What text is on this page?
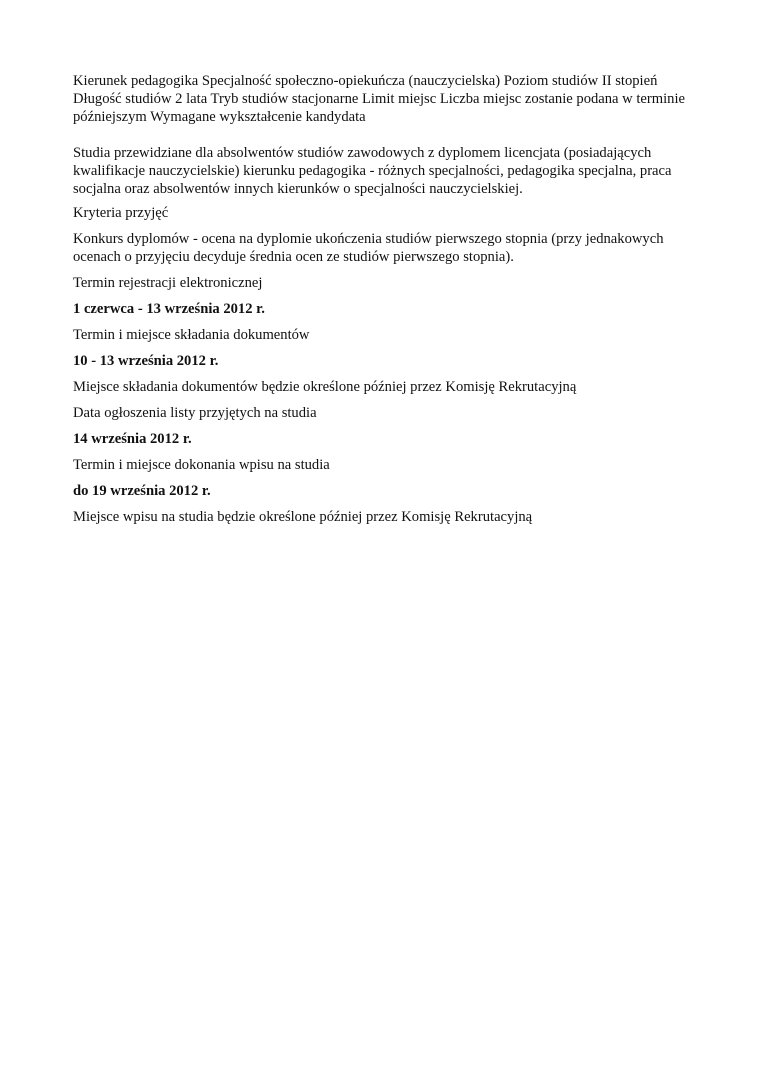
Kierunek pedagogika Specjalność społeczno-opiekuńcza (nauczycielska) Poziom studiów II stopień Długość studiów 2 lata Tryb studiów stacjonarne Limit miejsc Liczba miejsc zostanie podana w terminie późniejszym Wymagane wykształcenie kandydata

Studia przewidziane dla absolwentów studiów zawodowych z dyplomem licencjata (posiadających kwalifikacje nauczycielskie) kierunku pedagogika - różnych specjalności, pedagogika specjalna, praca socjalna oraz absolwentów innych kierunków o specjalności nauczycielskiej.

Kryteria przyjęć

Konkurs dyplomów - ocena na dyplomie ukończenia studiów pierwszego stopnia (przy jednakowych ocenach o przyjęciu decyduje średnia ocen ze studiów pierwszego stopnia).

Termin rejestracji elektronicznej

1 czerwca - 13 września 2012 r.

Termin i miejsce składania dokumentów

10 - 13 września 2012 r.

Miejsce składania dokumentów będzie określone później przez Komisję Rekrutacyjną

Data ogłoszenia listy przyjętych na studia

14 września 2012 r.

Termin i miejsce dokonania wpisu na studia

do 19 września 2012 r.

Miejsce wpisu na studia będzie określone później przez Komisję Rekrutacyjną
